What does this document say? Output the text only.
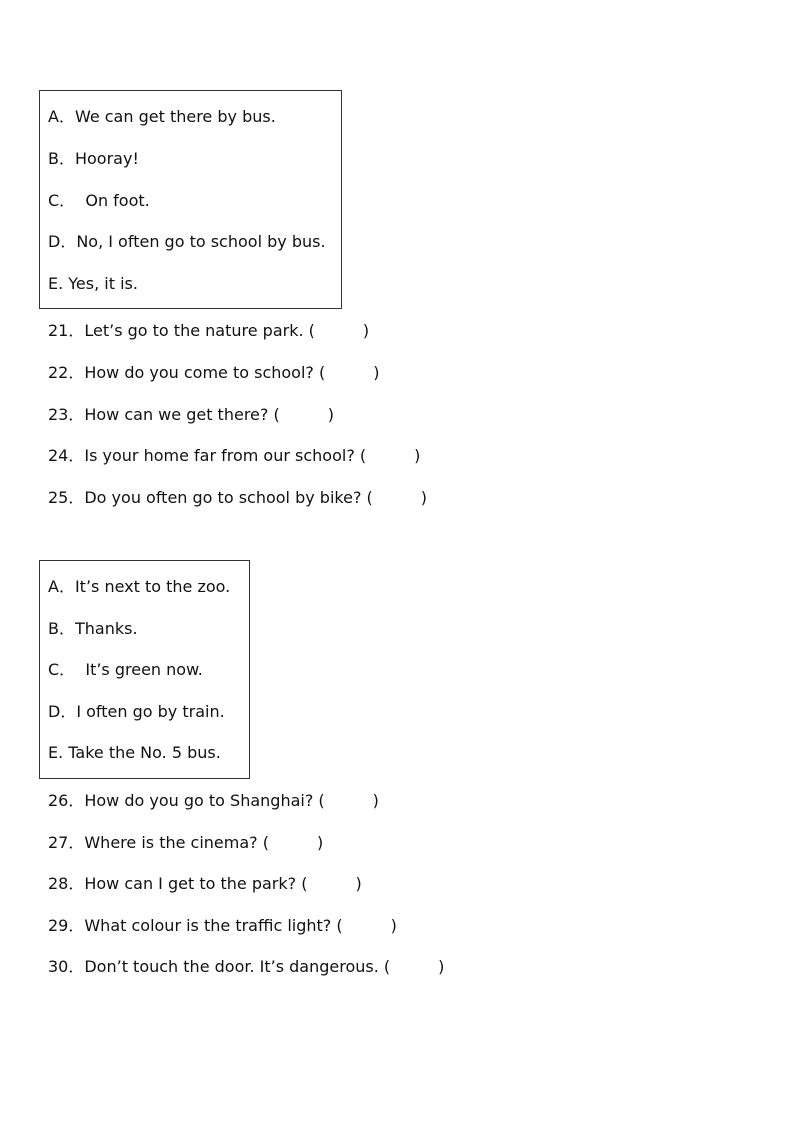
A．We can get there by bus.
B．Hooray!
C．  On foot.
D．No, I often go to school by bus.
E. Yes, it is.
21．Let’s go to the nature park. (	)
22．How do you come to school? (	)
23．How can we get there? (	)
24．Is your home far from our school? (	)
25．Do you often go to school by bike? (	)
A．It’s next to the zoo.
B．Thanks.
C．  It’s green now.
D．I often go by train.
E. Take the No. 5 bus.
26．How do you go to Shanghai? (	)
27．Where is the cinema? (	)
28．How can I get to the park? (	)
29．What colour is the traffic light? (	)
30．Don’t touch the door. It’s dangerous. (	)
